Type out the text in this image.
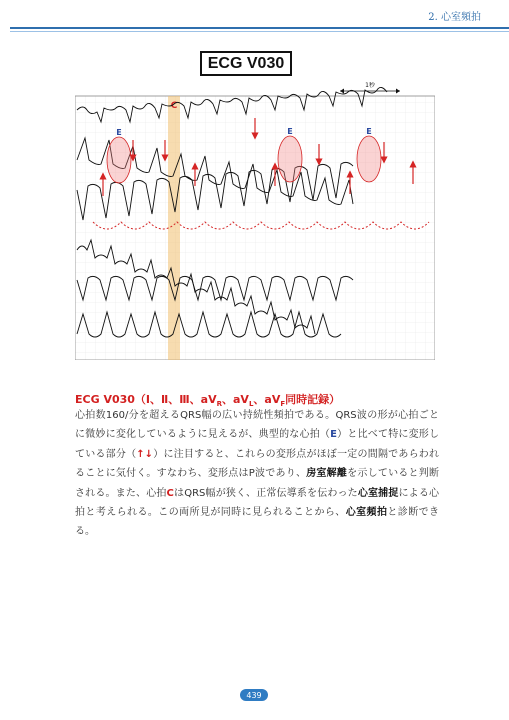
2. 心室頻拍
ECG V030
1秒
C
E	E	E
ECG V030（Ⅰ、Ⅱ、Ⅲ、$aV_R$、$aV_L$、$aV_F$同時記録）
心拍数160/分を超えるQRS幅の広い持続性頻拍である。QRS波の形が心拍ごとに微妙に変化しているように見えるが、典型的な心拍（E）と比べて特に変形している部分（↑↓）に注目すると、これらの変形点がほぼ一定の間隔であらわれることに気付く。すなわち、変形点はP波であり、房室解離を示していると判断される。また、心拍CはQRS幅が狭く、正常伝導系を伝わった心室捕捉による心拍と考えられる。この両所見が同時に見られることから、心室頻拍と診断できる。
439
